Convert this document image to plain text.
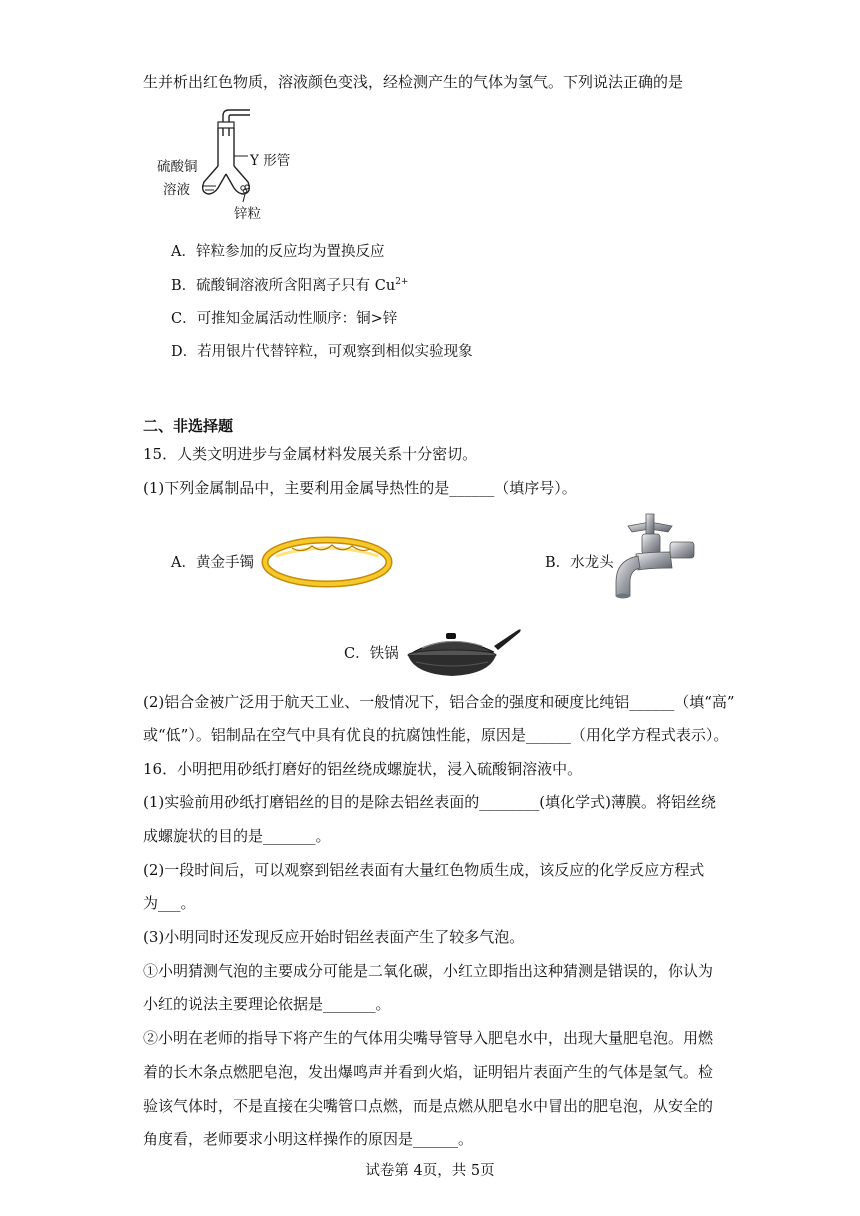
生并析出红色物质，溶液颜色变浅，经检测产生的气体为氢气。下列说法正确的是
硫酸铜
溶液
Y 形管
锌粒
A．锌粒参加的反应均为置换反应
B．硫酸铜溶液所含阳离子只有 $Cu^{2+}$
C．可推知金属活动性顺序：铜>锌
D．若用银片代替锌粒，可观察到相似实验现象
二、非选择题
15．人类文明进步与金属材料发展关系十分密切。
(1)下列金属制品中，主要利用金属导热性的是______（填序号）。
A．黄金手镯	B．水龙头
C．铁锅
(2)铝合金被广泛用于航天工业、一般情况下，铝合金的强度和硬度比纯铝______（填“高”
或“低”）。铝制品在空气中具有优良的抗腐蚀性能，原因是______（用化学方程式表示）。
16．小明把用砂纸打磨好的铝丝绕成螺旋状，浸入硫酸铜溶液中。
(1)实验前用砂纸打磨铝丝的目的是除去铝丝表面的________(填化学式)薄膜。将铝丝绕
成螺旋状的目的是_______。
(2)一段时间后，可以观察到铝丝表面有大量红色物质生成，该反应的化学反应方程式
为___。
(3)小明同时还发现反应开始时铝丝表面产生了较多气泡。
①小明猜测气泡的主要成分可能是二氧化碳，小红立即指出这种猜测是错误的，你认为
小红的说法主要理论依据是_______。
②小明在老师的指导下将产生的气体用尖嘴导管导入肥皂水中，出现大量肥皂泡。用燃
着的长木条点燃肥皂泡，发出爆鸣声并看到火焰，证明铝片表面产生的气体是氢气。检
验该气体时，不是直接在尖嘴管口点燃，而是点燃从肥皂水中冒出的肥皂泡，从安全的
角度看，老师要求小明这样操作的原因是______。
试卷第 4页，共 5页
